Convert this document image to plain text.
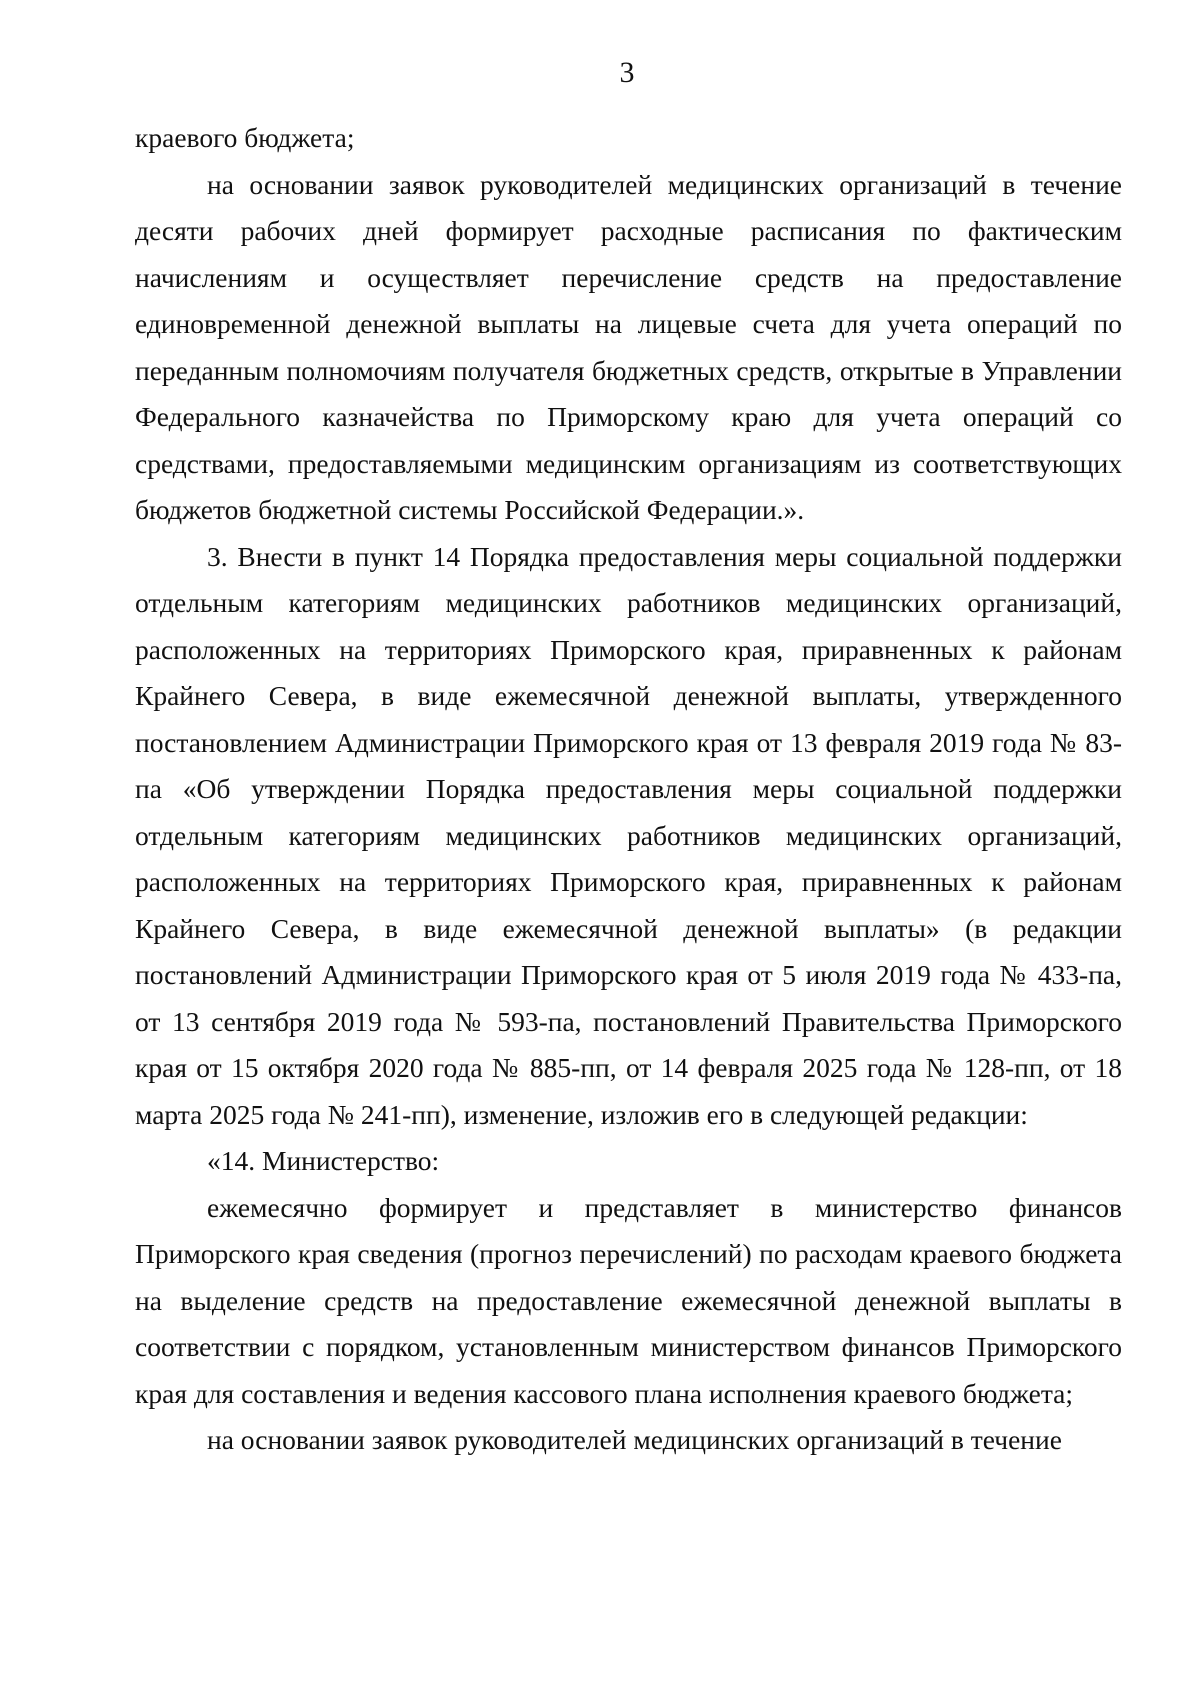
3

краевого бюджета;

на основании заявок руководителей медицинских организаций в течение десяти рабочих дней формирует расходные расписания по фактическим начислениям и осуществляет перечисление средств на предоставление единовременной денежной выплаты на лицевые счета для учета операций по переданным полномочиям получателя бюджетных средств, открытые в Управлении Федерального казначейства по Приморскому краю для учета операций со средствами, предоставляемыми медицинским организациям из соответствующих бюджетов бюджетной системы Российской Федерации.».

3. Внести в пункт 14 Порядка предоставления меры социальной поддержки отдельным категориям медицинских работников медицинских организаций, расположенных на территориях Приморского края, приравненных к районам Крайнего Севера, в виде ежемесячной денежной выплаты, утвержденного постановлением Администрации Приморского края от 13 февраля 2019 года № 83-па «Об утверждении Порядка предоставления меры социальной поддержки отдельным категориям медицинских работников медицинских организаций, расположенных на территориях Приморского края, приравненных к районам Крайнего Севера, в виде ежемесячной денежной выплаты» (в редакции постановлений Администрации Приморского края от 5 июля 2019 года № 433-па, от 13 сентября 2019 года № 593-па, постановлений Правительства Приморского края от 15 октября 2020 года № 885-пп, от 14 февраля 2025 года № 128-пп, от 18 марта 2025 года № 241-пп), изменение, изложив его в следующей редакции:

«14. Министерство:

ежемесячно формирует и представляет в министерство финансов Приморского края сведения (прогноз перечислений) по расходам краевого бюджета на выделение средств на предоставление ежемесячной денежной выплаты в соответствии с порядком, установленным министерством финансов Приморского края для составления и ведения кассового плана исполнения краевого бюджета;

на основании заявок руководителей медицинских организаций в течение
